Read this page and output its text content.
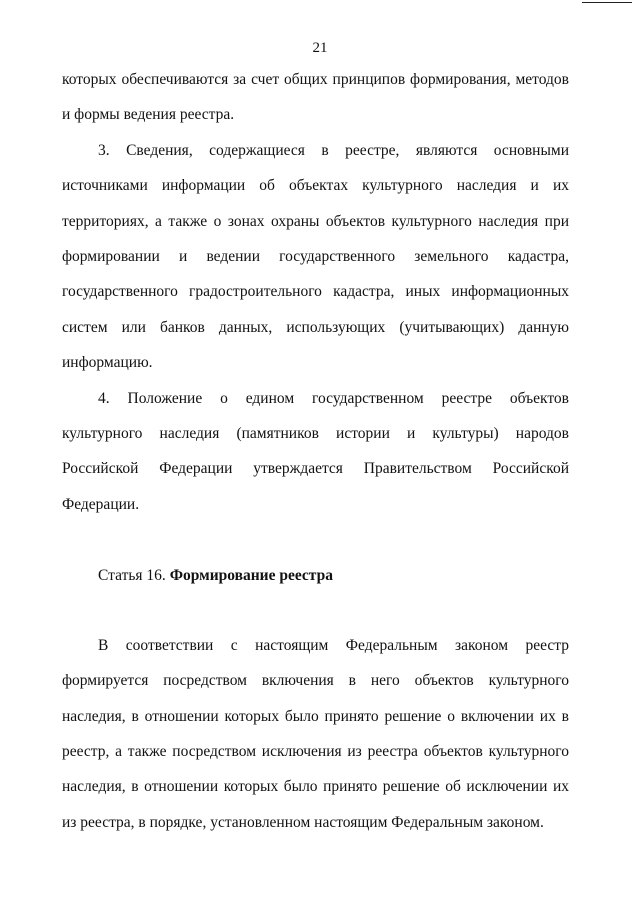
21

которых обеспечиваются за счет общих принципов формирования, методов и формы ведения реестра.

3. Сведения, содержащиеся в реестре, являются основными источниками информации об объектах культурного наследия и их территориях, а также о зонах охраны объектов культурного наследия при формировании и ведении государственного земельного кадастра, государственного градостроительного кадастра, иных информационных систем или банков данных, использующих (учитывающих) данную информацию.

4. Положение о едином государственном реестре объектов культурного наследия (памятников истории и культуры) народов Российской Федерации утверждается Правительством Российской Федерации.

Статья 16. Формирование реестра

В соответствии с настоящим Федеральным законом реестр формируется посредством включения в него объектов культурного наследия, в отношении которых было принято решение о включении их в реестр, а также посредством исключения из реестра объектов культурного наследия, в отношении которых было принято решение об исключении их из реестра, в порядке, установленном настоящим Федеральным законом.
